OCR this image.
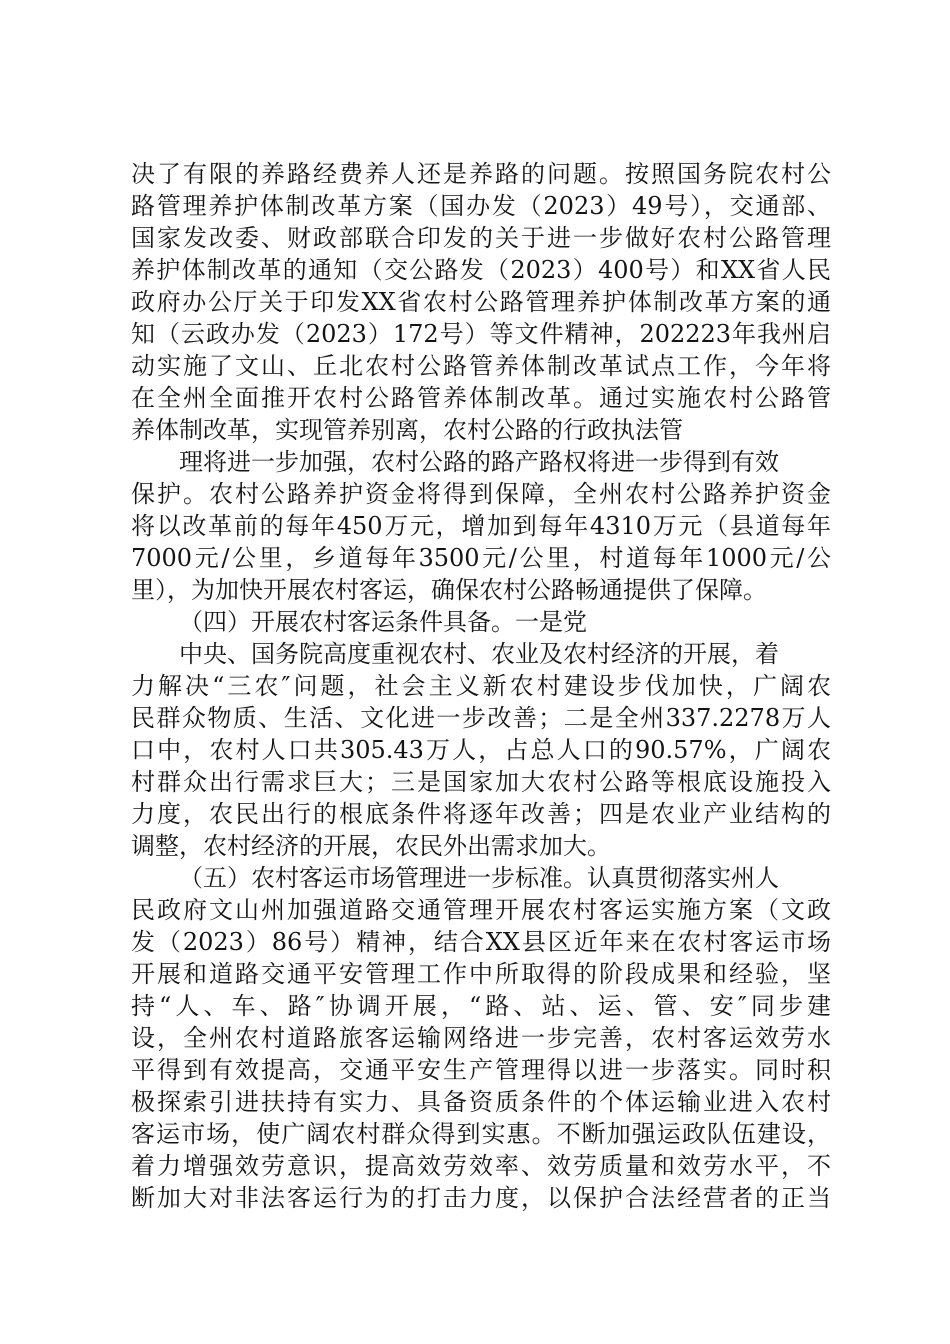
决了有限的养路经费养人还是养路的问题。按照国务院农村公
路管理养护体制改革方案（国办发（2023）49号），交通部、
国家发改委、财政部联合印发的关于进一步做好农村公路管理
养护体制改革的通知（交公路发（2023）400号）和XX省人民
政府办公厅关于印发XX省农村公路管理养护体制改革方案的通
知（云政办发（2023）172号）等文件精神，202223年我州启
动实施了文山、丘北农村公路管养体制改革试点工作，今年将
在全州全面推开农村公路管养体制改革。通过实施农村公路管
养体制改革，实现管养别离，农村公路的行政执法管
理将进一步加强，农村公路的路产路权将进一步得到有效
保护。农村公路养护资金将得到保障，全州农村公路养护资金
将以改革前的每年450万元，增加到每年4310万元（县道每年
7000元/公里，乡道每年3500元/公里，村道每年1000元/公
里），为加快开展农村客运，确保农村公路畅通提供了保障。
（四）开展农村客运条件具备。一是党
中央、国务院高度重视农村、农业及农村经济的开展，着
力解决“三农″问题，社会主义新农村建设步伐加快，广阔农
民群众物质、生活、文化进一步改善；二是全州337.2278万人
口中，农村人口共305.43万人，占总人口的90.57%，广阔农
村群众出行需求巨大；三是国家加大农村公路等根底设施投入
力度，农民出行的根底条件将逐年改善；四是农业产业结构的
调整，农村经济的开展，农民外出需求加大。
（五）农村客运市场管理进一步标准。认真贯彻落实州人
民政府文山州加强道路交通管理开展农村客运实施方案（文政
发（2023）86号）精神，结合XX县区近年来在农村客运市场
开展和道路交通平安管理工作中所取得的阶段成果和经验，坚
持“人、车、路″协调开展，“路、站、运、管、安″同步建
设，全州农村道路旅客运输网络进一步完善，农村客运效劳水
平得到有效提高，交通平安生产管理得以进一步落实。同时积
极探索引进扶持有实力、具备资质条件的个体运输业进入农村
客运市场，使广阔农村群众得到实惠。不断加强运政队伍建设，
着力增强效劳意识，提高效劳效率、效劳质量和效劳水平，不
断加大对非法客运行为的打击力度，以保护合法经营者的正当
